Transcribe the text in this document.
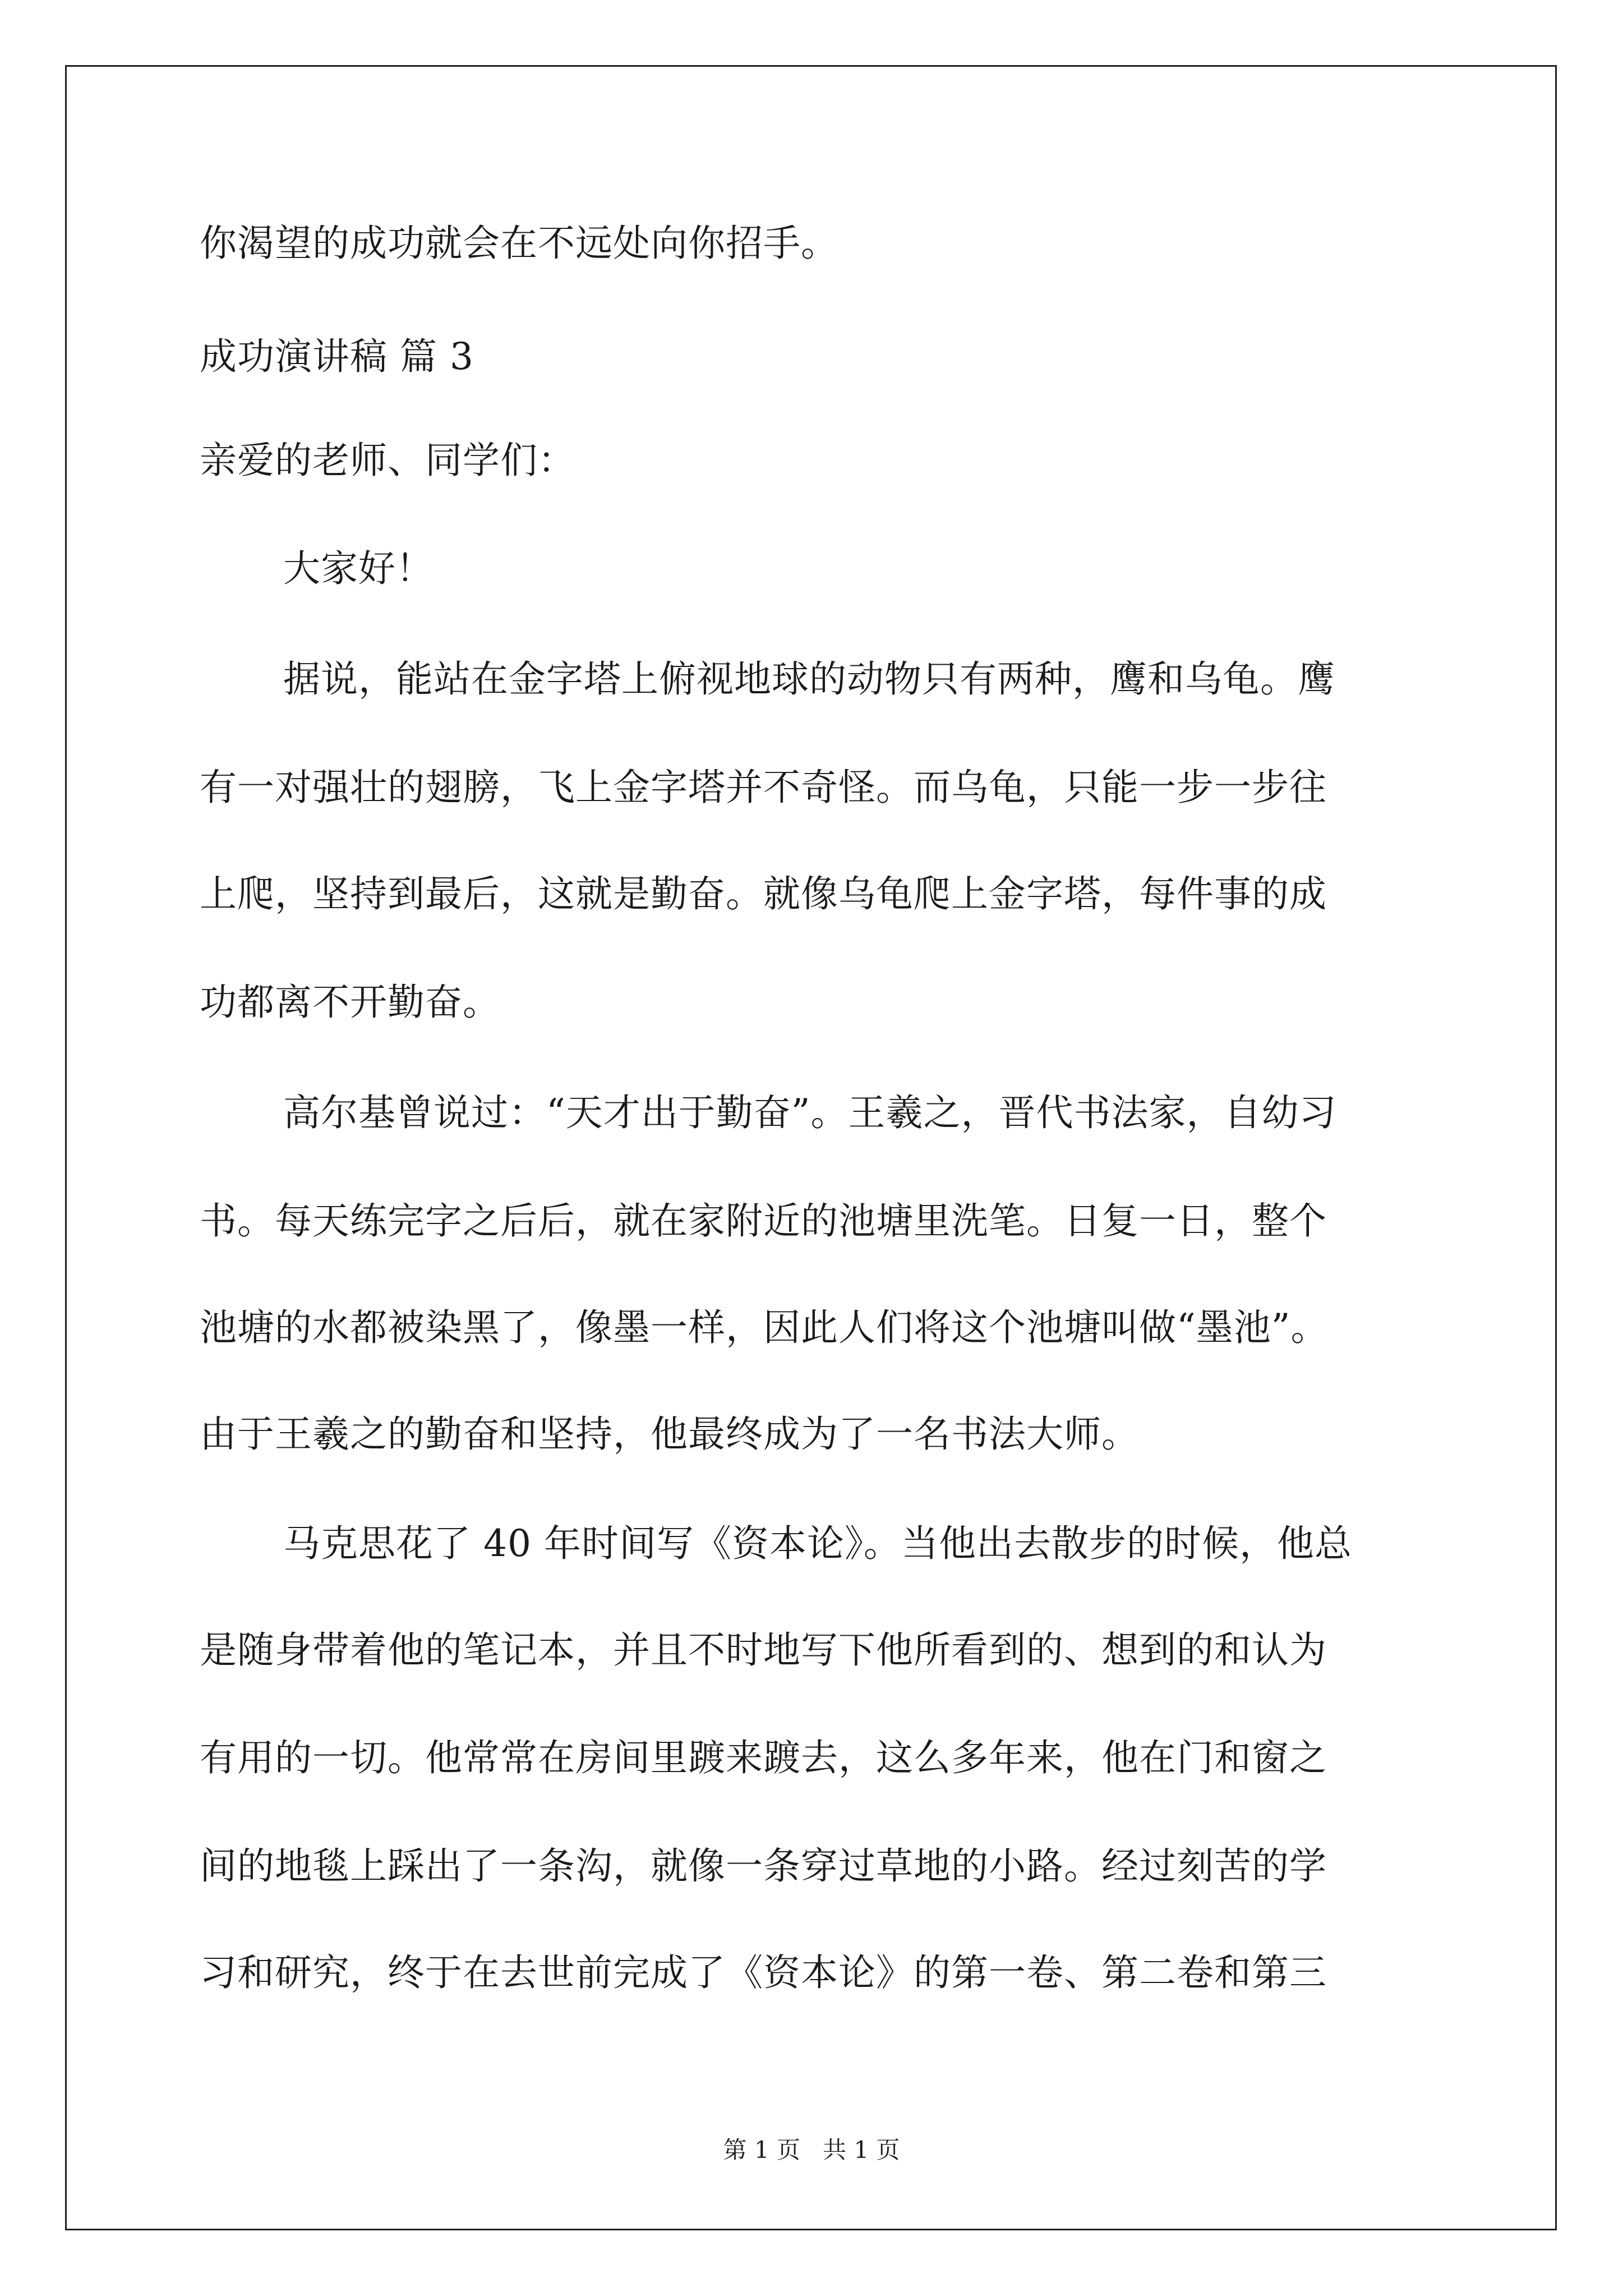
你渴望的成功就会在不远处向你招手。
成功演讲稿 篇 3
亲爱的老师、同学们：
大家好！
据说，能站在金字塔上俯视地球的动物只有两种，鹰和乌龟。鹰
有一对强壮的翅膀，飞上金字塔并不奇怪。而乌龟，只能一步一步往
上爬，坚持到最后，这就是勤奋。就像乌龟爬上金字塔，每件事的成
功都离不开勤奋。
高尔基曾说过：“天才出于勤奋”。王羲之，晋代书法家，自幼习
书。每天练完字之后后，就在家附近的池塘里洗笔。日复一日，整个
池塘的水都被染黑了，像墨一样，因此人们将这个池塘叫做“墨池”。
由于王羲之的勤奋和坚持，他最终成为了一名书法大师。
马克思花了 40 年时间写《资本论》。当他出去散步的时候，他总
是随身带着他的笔记本，并且不时地写下他所看到的、想到的和认为
有用的一切。他常常在房间里踱来踱去，这么多年来，他在门和窗之
间的地毯上踩出了一条沟，就像一条穿过草地的小路。经过刻苦的学
习和研究，终于在去世前完成了《资本论》的第一卷、第二卷和第三
第 1 页   共 1 页
